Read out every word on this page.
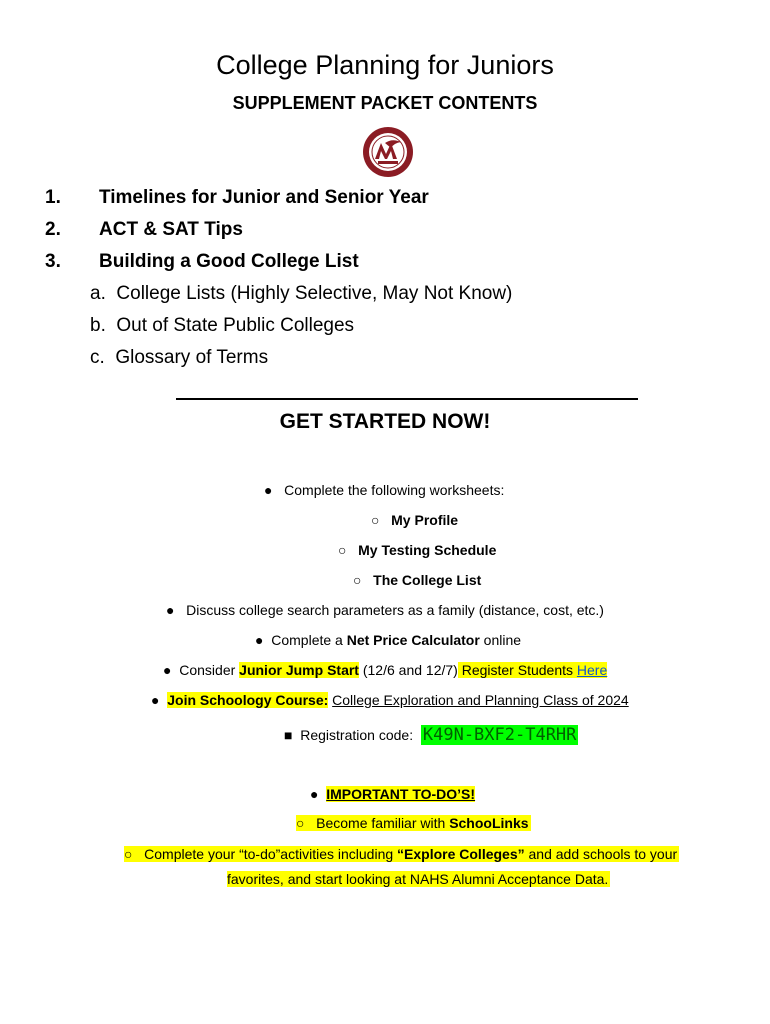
College Planning for Juniors
SUPPLEMENT PACKET CONTENTS
1. Timelines for Junior and Senior Year
2. ACT & SAT Tips
3. Building a Good College List
a.  College Lists (Highly Selective, May Not Know)
b.  Out of State Public Colleges
c.  Glossary of Terms
GET STARTED NOW!
● Complete the following worksheets:
○ My Profile
○ My Testing Schedule
○ The College List
● Discuss college search parameters as a family (distance, cost, etc.)
● Complete a Net Price Calculator online
● Consider Junior Jump Start (12/6 and 12/7) Register Students Here
● Join Schoology Course: College Exploration and Planning Class of 2024
■ Registration code:  K49N-BXF2-T4RHR
● IMPORTANT TO-DO’S!
○ Become familiar with SchooLinks
○ Complete your “to-do”activities including “Explore Colleges” and add schools to your
favorites, and start looking at NAHS Alumni Acceptance Data.
